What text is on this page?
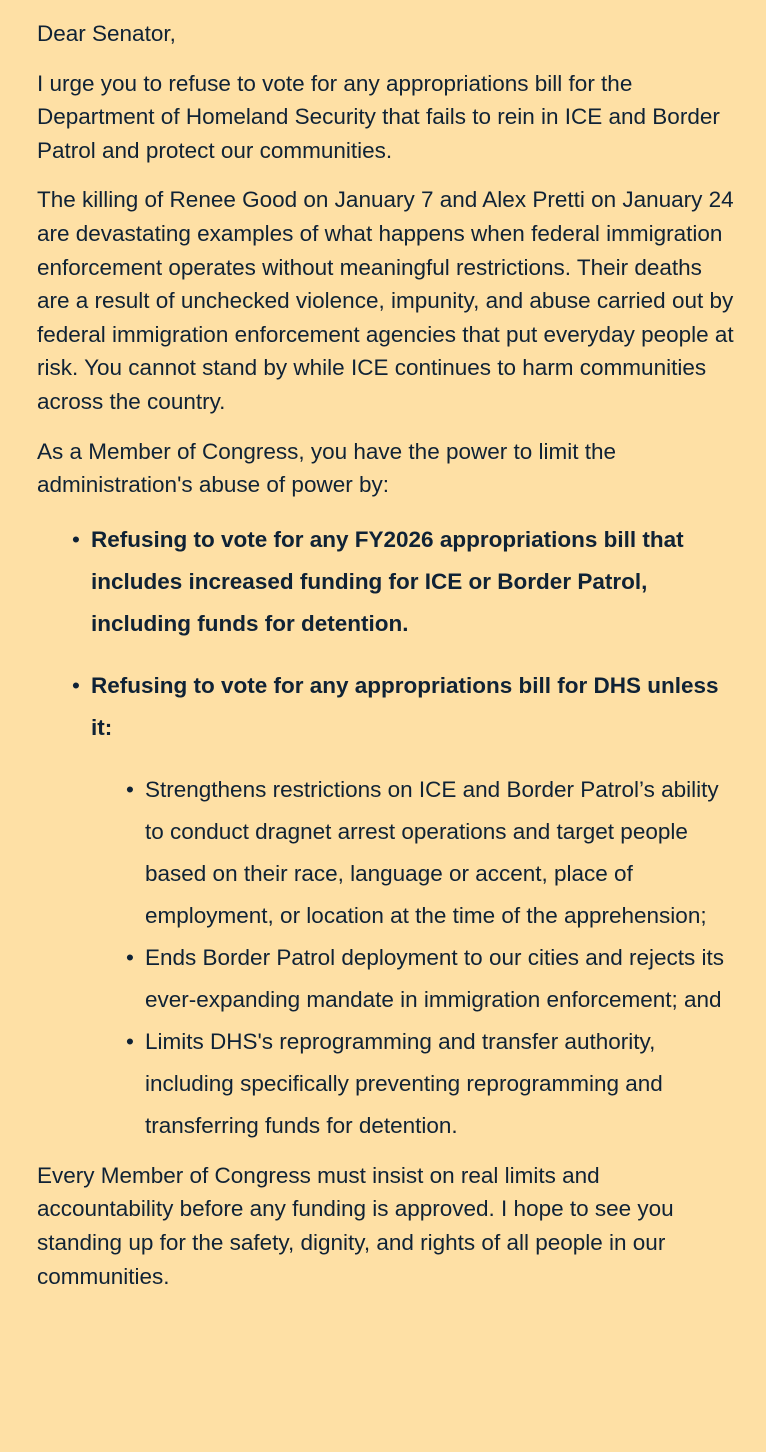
Dear Senator,

I urge you to refuse to vote for any appropriations bill for the Department of Homeland Security that fails to rein in ICE and Border Patrol and protect our communities.

The killing of Renee Good on January 7 and Alex Pretti on January 24 are devastating examples of what happens when federal immigration enforcement operates without meaningful restrictions. Their deaths are a result of unchecked violence, impunity, and abuse carried out by federal immigration enforcement agencies that put everyday people at risk. You cannot stand by while ICE continues to harm communities across the country.

As a Member of Congress, you have the power to limit the administration's abuse of power by:

• Refusing to vote for any FY2026 appropriations bill that includes increased funding for ICE or Border Patrol, including funds for detention.
• Refusing to vote for any appropriations bill for DHS unless it:
• Strengthens restrictions on ICE and Border Patrol’s ability to conduct dragnet arrest operations and target people based on their race, language or accent, place of employment, or location at the time of the apprehension;
• Ends Border Patrol deployment to our cities and rejects its ever-expanding mandate in immigration enforcement; and
• Limits DHS's reprogramming and transfer authority, including specifically preventing reprogramming and transferring funds for detention.

Every Member of Congress must insist on real limits and accountability before any funding is approved. I hope to see you standing up for the safety, dignity, and rights of all people in our communities.
